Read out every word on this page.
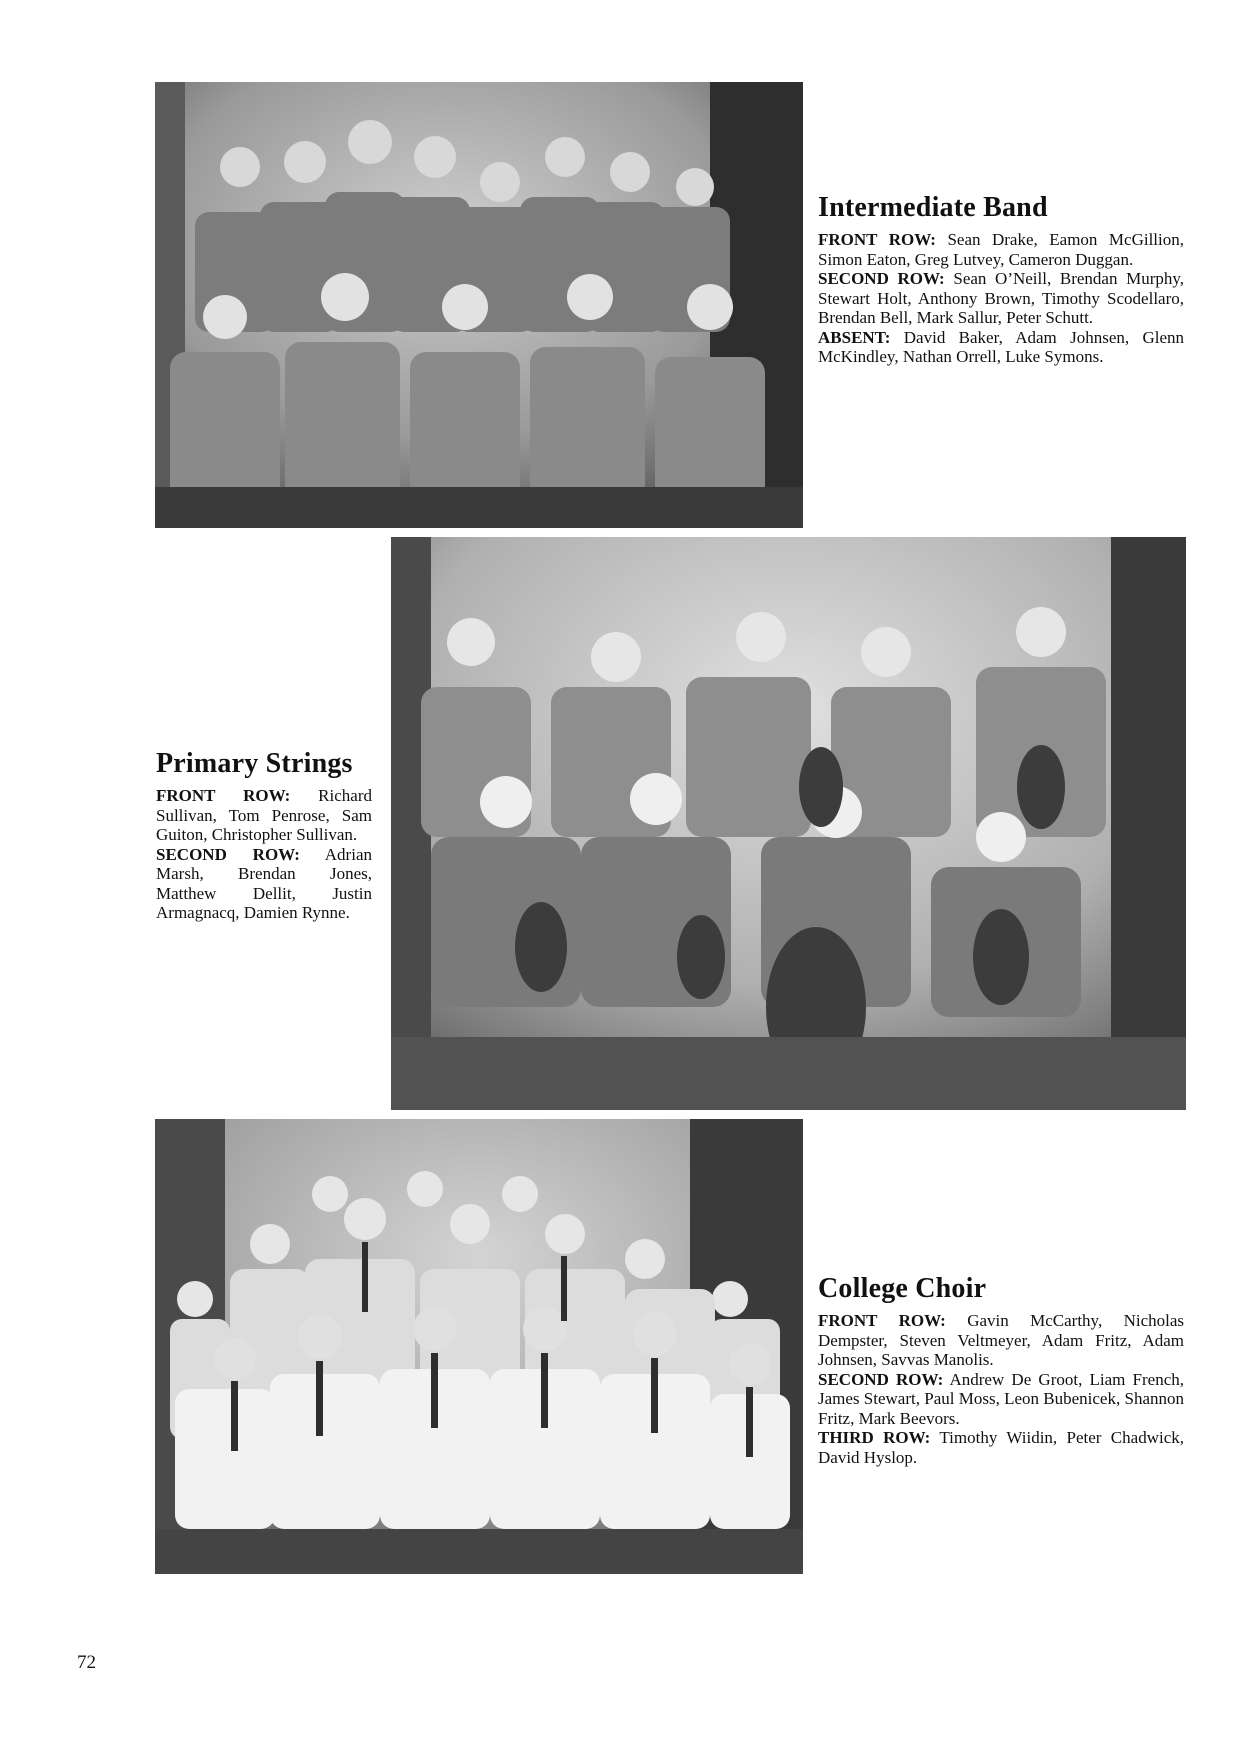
Intermediate Band

FRONT ROW: Sean Drake, Eamon McGillion, Simon Eaton, Greg Lutvey, Cameron Duggan.

SECOND ROW: Sean O’Neill, Brendan Murphy, Stewart Holt, Anthony Brown, Timothy Scodellaro, Brendan Bell, Mark Sallur, Peter Schutt.

ABSENT: David Baker, Adam Johnsen, Glenn McKindley, Nathan Orrell, Luke Symons.

Primary Strings

FRONT ROW: Richard Sullivan, Tom Penrose, Sam Guiton, Christopher Sullivan.

SECOND ROW: Adrian Marsh, Brendan Jones, Matthew Dellit, Justin Armagnacq, Damien Rynne.

College Choir

FRONT ROW: Gavin McCarthy, Nicholas Dempster, Steven Veltmeyer, Adam Fritz, Adam Johnsen, Savvas Manolis.

SECOND ROW: Andrew De Groot, Liam French, James Stewart, Paul Moss, Leon Bubenicek, Shannon Fritz, Mark Beevors.

THIRD ROW: Timothy Wiidin, Peter Chadwick, David Hyslop.

72
